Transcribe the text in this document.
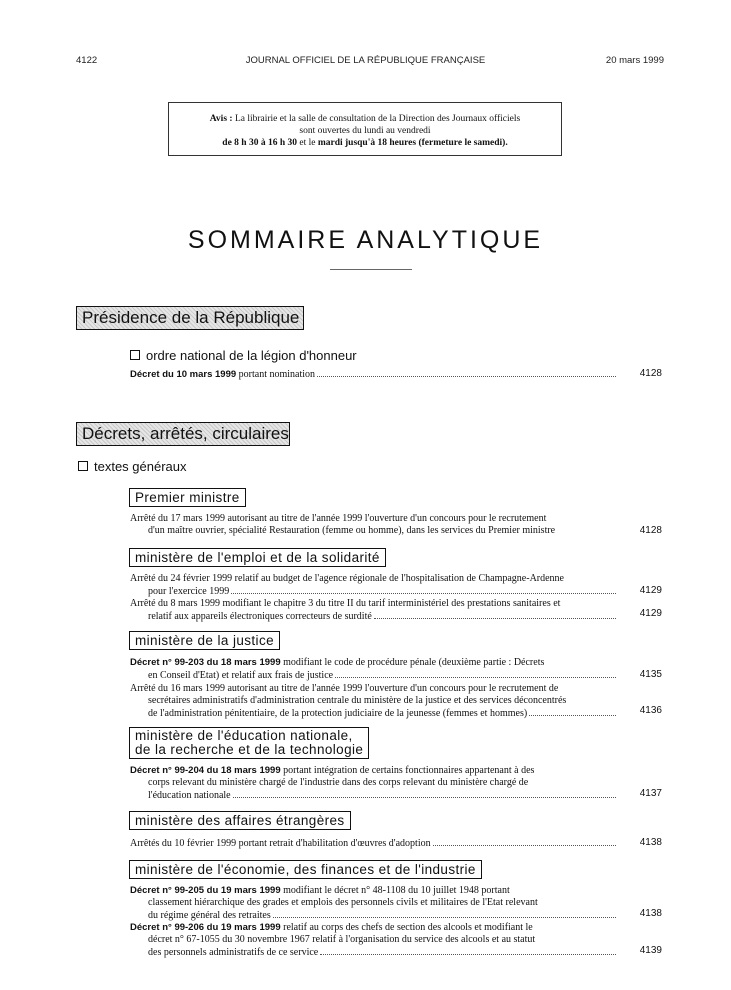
4122	JOURNAL OFFICIEL DE LA RÉPUBLIQUE FRANÇAISE	20 mars 1999
Avis : La librairie et la salle de consultation de la Direction des Journaux officiels
sont ouvertes du lundi au vendredi
de 8 h 30 à 16 h 30 et le mardi jusqu'à 18 heures (fermeture le samedi).
SOMMAIRE ANALYTIQUE
Présidence de la République
ordre national de la légion d'honneur
Décret du 10 mars 1999 portant nomination	4128
Décrets, arrêtés, circulaires
textes généraux
Premier ministre
Arrêté du 17 mars 1999 autorisant au titre de l'année 1999 l'ouverture d'un concours pour le recrutement
d'un maître ouvrier, spécialité Restauration (femme ou homme), dans les services du Premier ministre	4128
ministère de l'emploi et de la solidarité
Arrêté du 24 février 1999 relatif au budget de l'agence régionale de l'hospitalisation de Champagne-Ardenne
pour l'exercice 1999	4129
Arrêté du 8 mars 1999 modifiant le chapitre 3 du titre II du tarif interministériel des prestations sanitaires et
relatif aux appareils électroniques correcteurs de surdité	4129
ministère de la justice
Décret n° 99-203 du 18 mars 1999 modifiant le code de procédure pénale (deuxième partie : Décrets
en Conseil d'Etat) et relatif aux frais de justice	4135
Arrêté du 16 mars 1999 autorisant au titre de l'année 1999 l'ouverture d'un concours pour le recrutement de
secrétaires administratifs d'administration centrale du ministère de la justice et des services déconcentrés
de l'administration pénitentiaire, de la protection judiciaire de la jeunesse (femmes et hommes)	4136
ministère de l'éducation nationale,
de la recherche et de la technologie
Décret n° 99-204 du 18 mars 1999 portant intégration de certains fonctionnaires appartenant à des
corps relevant du ministère chargé de l'industrie dans des corps relevant du ministère chargé de
l'éducation nationale	4137
ministère des affaires étrangères
Arrêtés du 10 février 1999 portant retrait d'habilitation d'œuvres d'adoption	4138
ministère de l'économie, des finances et de l'industrie
Décret n° 99-205 du 19 mars 1999 modifiant le décret n° 48-1108 du 10 juillet 1948 portant
classement hiérarchique des grades et emplois des personnels civils et militaires de l'Etat relevant
du régime général des retraites	4138
Décret n° 99-206 du 19 mars 1999 relatif au corps des chefs de section des alcools et modifiant le
décret n° 67-1055 du 30 novembre 1967 relatif à l'organisation du service des alcools et au statut
des personnels administratifs de ce service	4139
